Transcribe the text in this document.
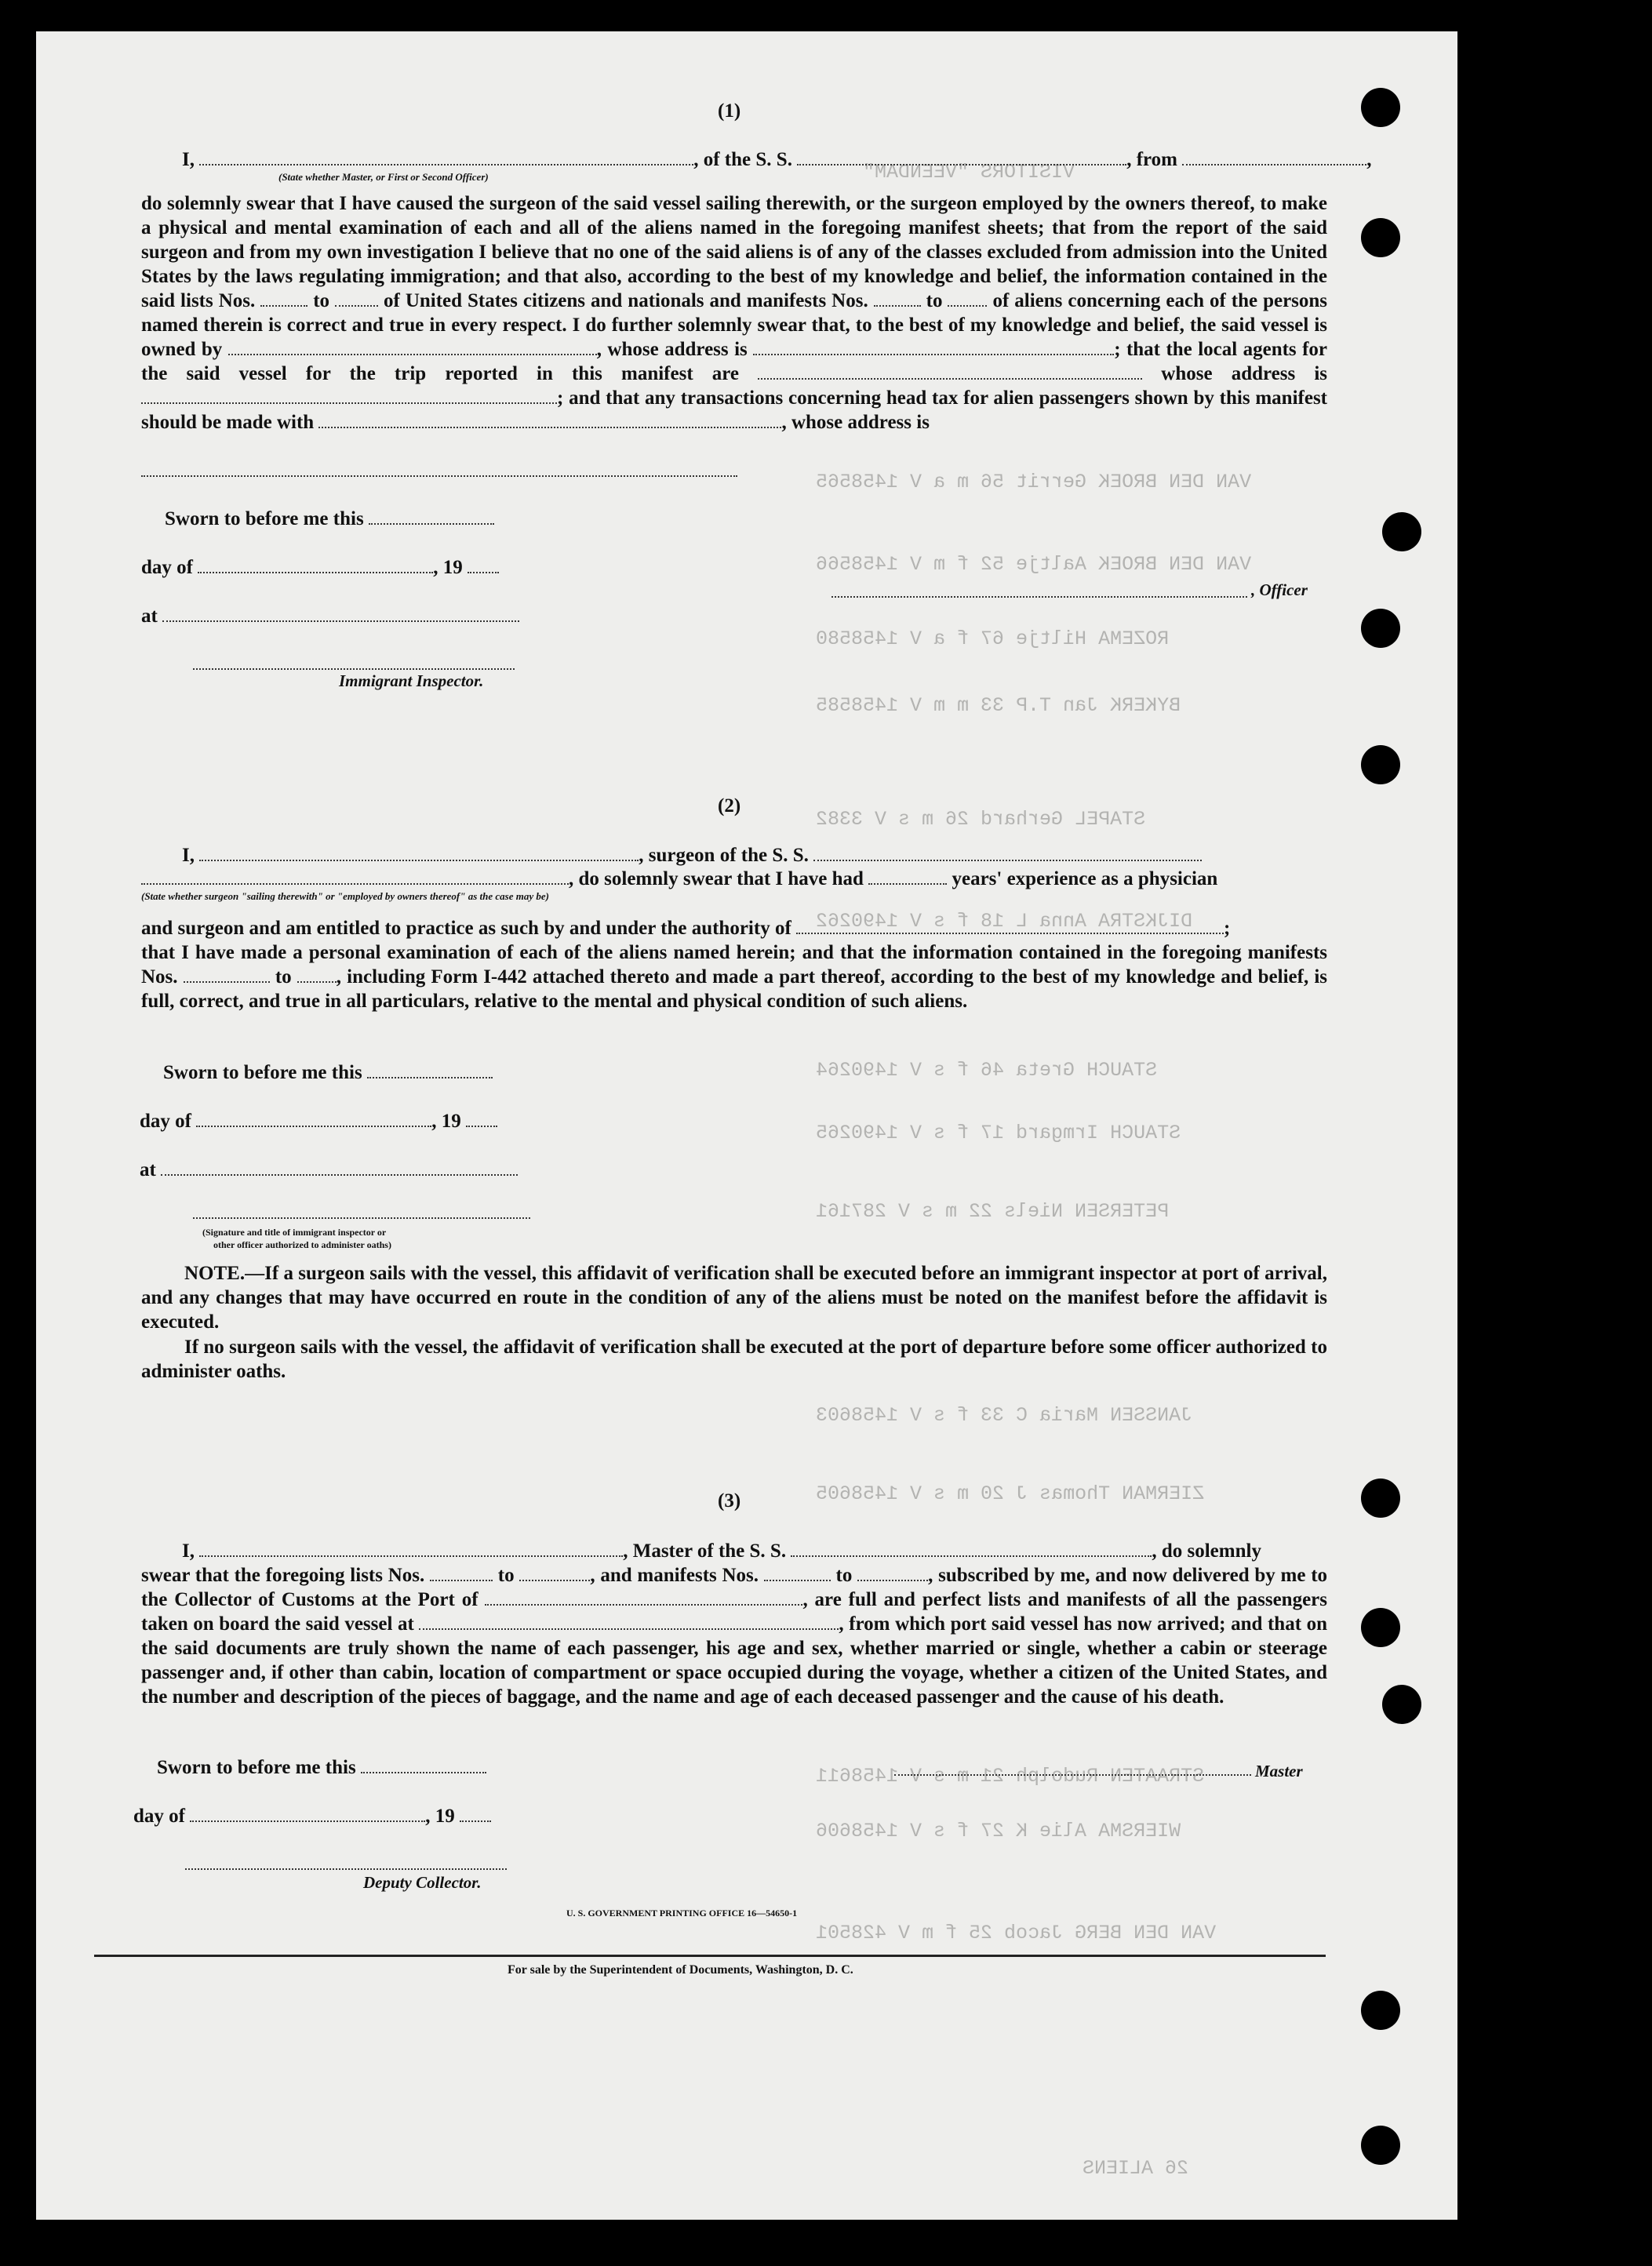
VISITORS "VEENDAM"
VAN DEN BROEK Gerrit 56 m a V 1458565
VAN DEN BROEK Aaltje 52 f m V 1458566
ROZEMA Hiltje 67 f a V 1458580
BYKERK Jan T.P 33 m m V 1458585
STAPEL Gerhard 26 m s V 3382
DIJKSTRA Anna L 18 f s V 1490262
STAUCH Greta 46 f s V 1490264
STAUCH Irmgard 17 f s V 1490265
PETERSEN Niels 22 m s V 287161
JANSSEN Maria C 33 f s V 1458603
ZIERMAN Thomas J 20 m s V 1458605
STRAATEN Rudolph 21 m s V 1458611
WIERSMA Alie K 27 f s V 1458606
VAN DEN BERG Jacob 25 f m V 428501
26 ALIENS
(1)
I,	, of the S. S.	, from	,
(State whether Master, or First or Second Officer)
do solemnly swear that I have caused the surgeon of the said vessel sailing therewith, or the surgeon employed by the owners thereof, to make a physical and mental examination of each and all of the aliens named in the foregoing manifest sheets; that from the report of the said surgeon and from my own investigation I believe that no one of the said aliens is of any of the classes excluded from admission into the United States by the laws regulating immigration; and that also, according to the best of my knowledge and belief, the information contained in the said lists Nos.	to	of United States citizens and nationals and manifests Nos.	to	of aliens concerning each of the persons named therein is correct and true in every respect. I do further solemnly swear that, to the best of my knowledge and belief, the said vessel is owned by	, whose address is	; that the local agents for the said vessel for the trip reported in this manifest are	whose address is ; and that any transactions concerning head tax for alien passengers shown by this manifest should be made with	, whose address is
Sworn to before me this
day of	, 19
at
Immigrant Inspector.
, Officer
(2)
I,	, surgeon of the S. S.
, do solemnly swear that I have had	years' experience as a physician
(State whether surgeon "sailing therewith" or "employed by owners thereof" as the case may be)
and surgeon and am entitled to practice as such by and under the authority of	;
that I have made a personal examination of each of the aliens named herein; and that the information contained in the foregoing manifests Nos.	to , including Form I-442 attached thereto and made a part thereof, according to the best of my knowledge and belief, is full, correct, and true in all particulars, relative to the mental and physical condition of such aliens.
Sworn to before me this
day of	, 19
at
(Signature and title of immigrant inspector or
other officer authorized to administer oaths)
NOTE.—If a surgeon sails with the vessel, this affidavit of verification shall be executed before an immigrant inspector at port of arrival, and any changes that may have occurred en route in the condition of any of the aliens must be noted on the manifest before the affidavit is executed.
If no surgeon sails with the vessel, the affidavit of verification shall be executed at the port of departure before some officer authorized to administer oaths.
(3)
I,	, Master of the S. S.	, do solemnly
swear that the foregoing lists Nos.	to	, and manifests Nos.	to	, subscribed by me, and now delivered by me to the Collector of Customs at the Port of	, are full and perfect lists and manifests of all the passengers taken on board the said vessel at	, from which port said vessel has now arrived; and that on the said documents are truly shown the name of each passenger, his age and sex, whether married or single, whether a cabin or steerage passenger and, if other than cabin, location of compartment or space occupied during the voyage, whether a citizen of the United States, and the number and description of the pieces of baggage, and the name and age of each deceased passenger and the cause of his death.
Sworn to before me this	Master
day of	, 19
Deputy Collector.
U. S. GOVERNMENT PRINTING OFFICE 16—54650-1
For sale by the Superintendent of Documents, Washington, D. C.
